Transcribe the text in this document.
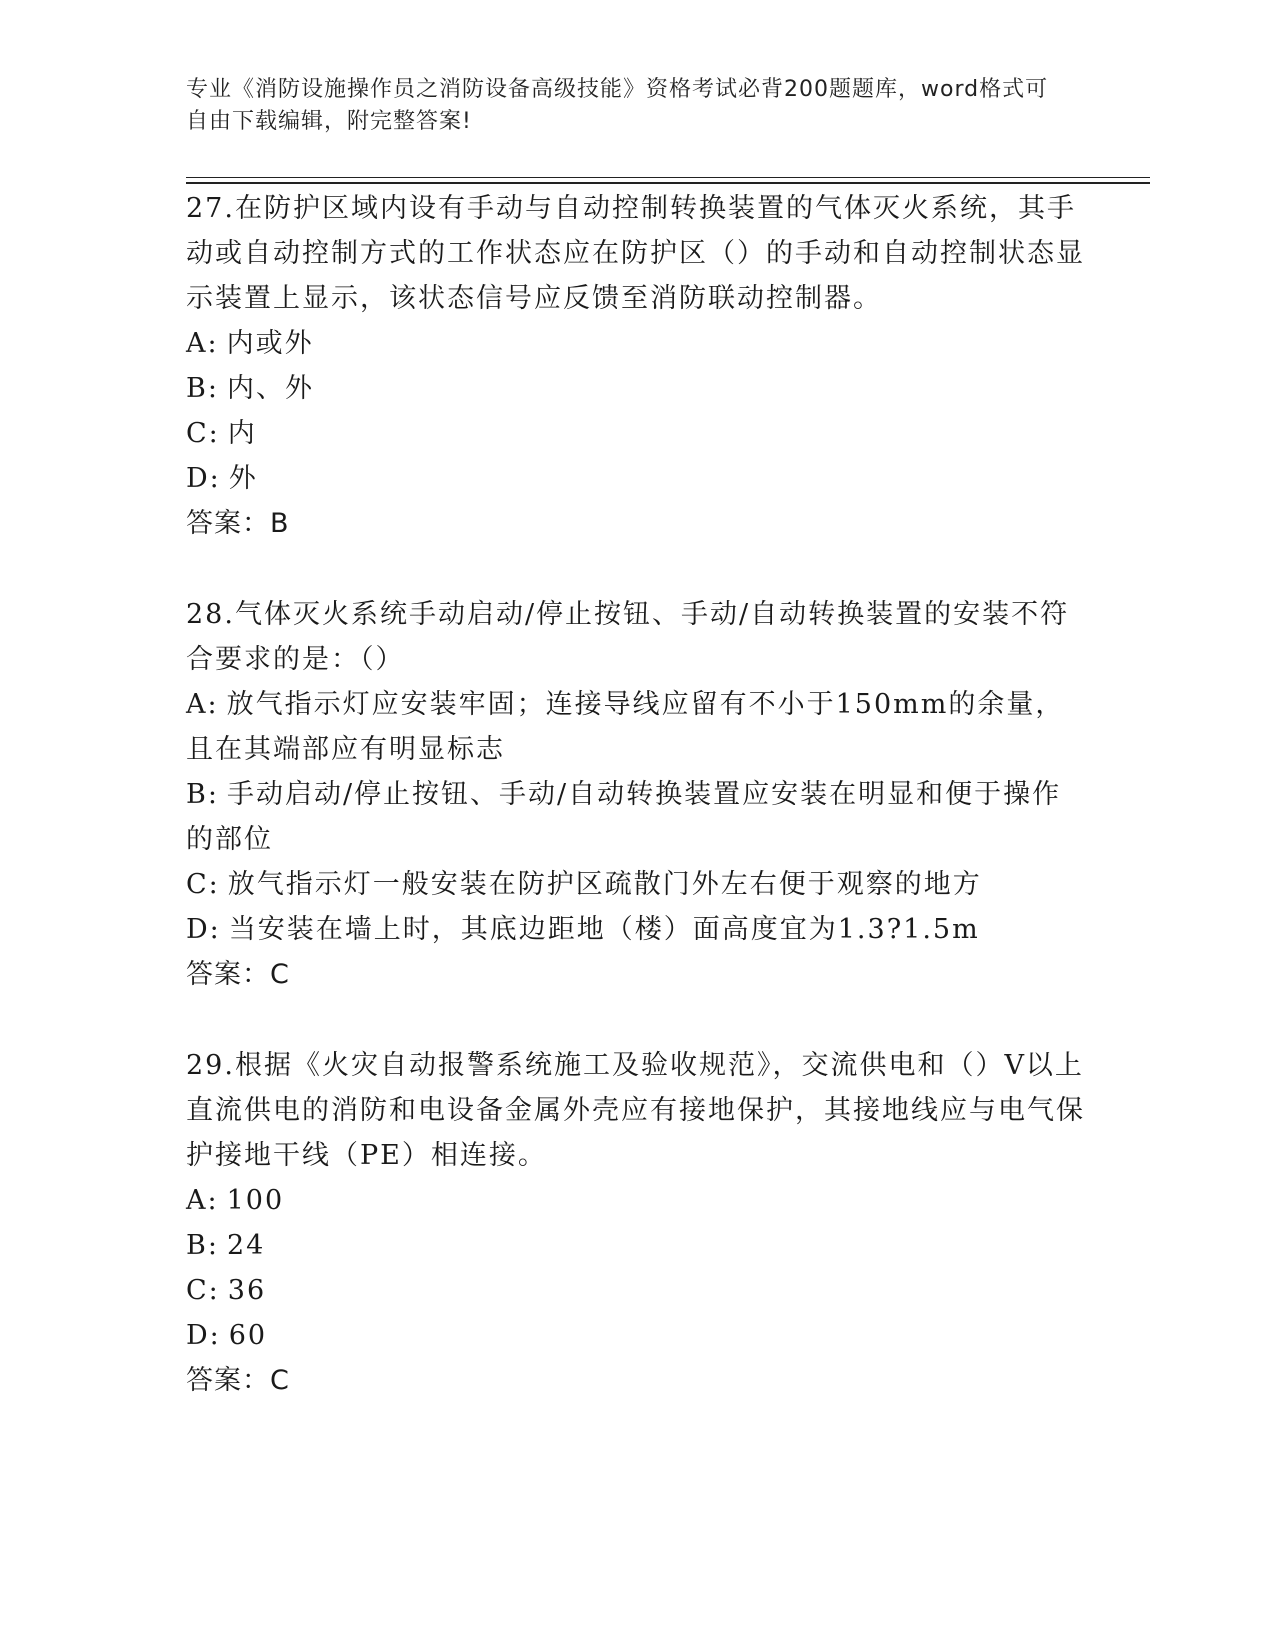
专业《消防设施操作员之消防设备高级技能》资格考试必背200题题库，word格式可自由下载编辑，附完整答案!

27.在防护区域内设有手动与自动控制转换装置的气体灭火系统，其手动或自动控制方式的工作状态应在防护区（）的手动和自动控制状态显示装置上显示，该状态信号应反馈至消防联动控制器。

A: 内或外

B: 内、外

C: 内

D: 外

答案：B

28.气体灭火系统手动启动/停止按钮、手动/自动转换装置的安装不符合要求的是：（）

A: 放气指示灯应安装牢固；连接导线应留有不小于150mm的余量，且在其端部应有明显标志

B: 手动启动/停止按钮、手动/自动转换装置应安装在明显和便于操作的部位

C: 放气指示灯一般安装在防护区疏散门外左右便于观察的地方

D: 当安装在墙上时，其底边距地（楼）面高度宜为1.3?1.5m

答案：C

29.根据《火灾自动报警系统施工及验收规范》，交流供电和（）V以上直流供电的消防和电设备金属外壳应有接地保护，其接地线应与电气保护接地干线（PE）相连接。

A: 100

B: 24

C: 36

D: 60

答案：C
